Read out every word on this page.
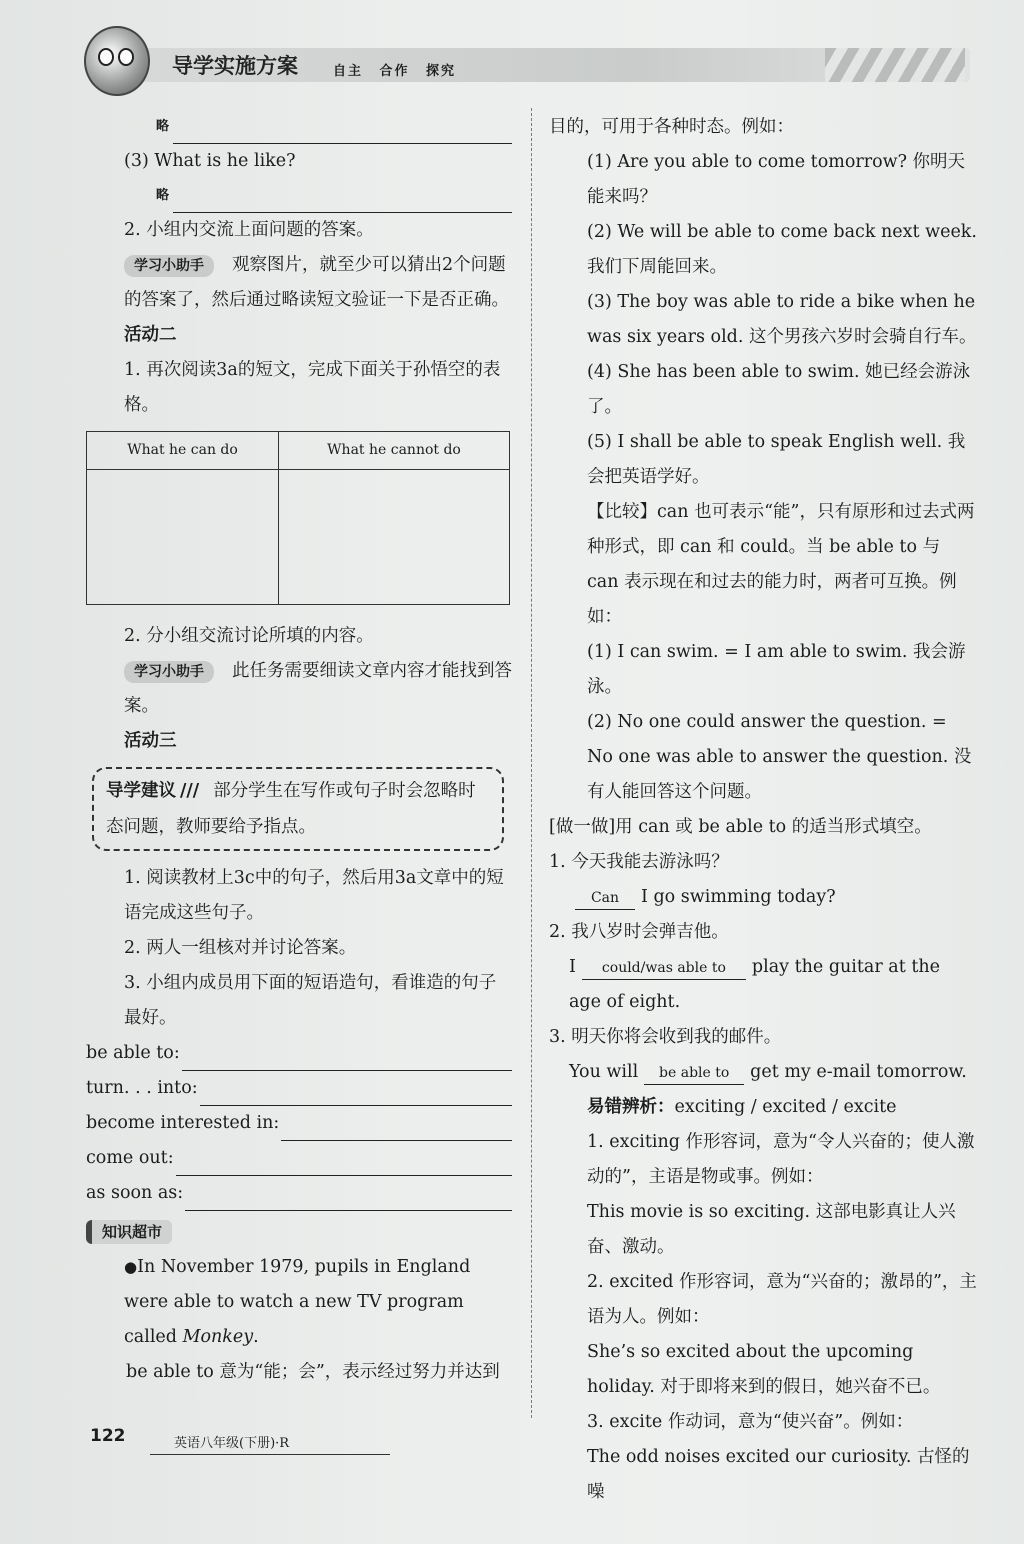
导学实施方案	自主 合作 探究
略

(3) What is he like?

略

2. 小组内交流上面问题的答案。

学习小助手 观察图片，就至少可以猜出2个问题的答案了，然后通过略读短文验证一下是否正确。

活动二

1. 再次阅读3a的短文，完成下面关于孙悟空的表格。

What he can do	What he cannot do

2. 分小组交流讨论所填的内容。

学习小助手 此任务需要细读文章内容才能找到答案。

活动三

导学建议 /// 部分学生在写作或句子时会忽略时态问题，教师要给予指点。

1. 阅读教材上3c中的句子，然后用3a文章中的短语完成这些句子。

2. 两人一组核对并讨论答案。

3. 小组内成员用下面的短语造句，看谁造的句子最好。

be able to:
turn. . . into:
become interested in:
come out:
as soon as:

知识超市

●In November 1979, pupils in England were able to watch a new TV program called Monkey.

be able to 意为“能；会”，表示经过努力并达到

目的，可用于各种时态。例如：

(1) Are you able to come tomorrow? 你明天能来吗？

(2) We will be able to come back next week. 我们下周能回来。

(3) The boy was able to ride a bike when he was six years old. 这个男孩六岁时会骑自行车。

(4) She has been able to swim. 她已经会游泳了。

(5) I shall be able to speak English well. 我会把英语学好。

【比较】can 也可表示“能”，只有原形和过去式两种形式，即 can 和 could。当 be able to 与 can 表示现在和过去的能力时，两者可互换。例如：

(1) I can swim. = I am able to swim. 我会游泳。

(2) No one could answer the question. = No one was able to answer the question. 没有人能回答这个问题。

[做一做]用 can 或 be able to 的适当形式填空。

1. 今天我能去游泳吗？

Can I go swimming today?

2. 我八岁时会弹吉他。

I could/was able to play the guitar at the age of eight.

3. 明天你将会收到我的邮件。

You will be able to get my e-mail tomorrow.

易错辨析：exciting / excited / excite

1. exciting 作形容词，意为“令人兴奋的；使人激动的”，主语是物或事。例如：

This movie is so exciting. 这部电影真让人兴奋、激动。

2. excited 作形容词，意为“兴奋的；激昂的”，主语为人。例如：

She’s so excited about the upcoming holiday. 对于即将来到的假日，她兴奋不已。

3. excite 作动词，意为“使兴奋”。例如：

The odd noises excited our curiosity. 古怪的噪

122	英语八年级(下册)·R
